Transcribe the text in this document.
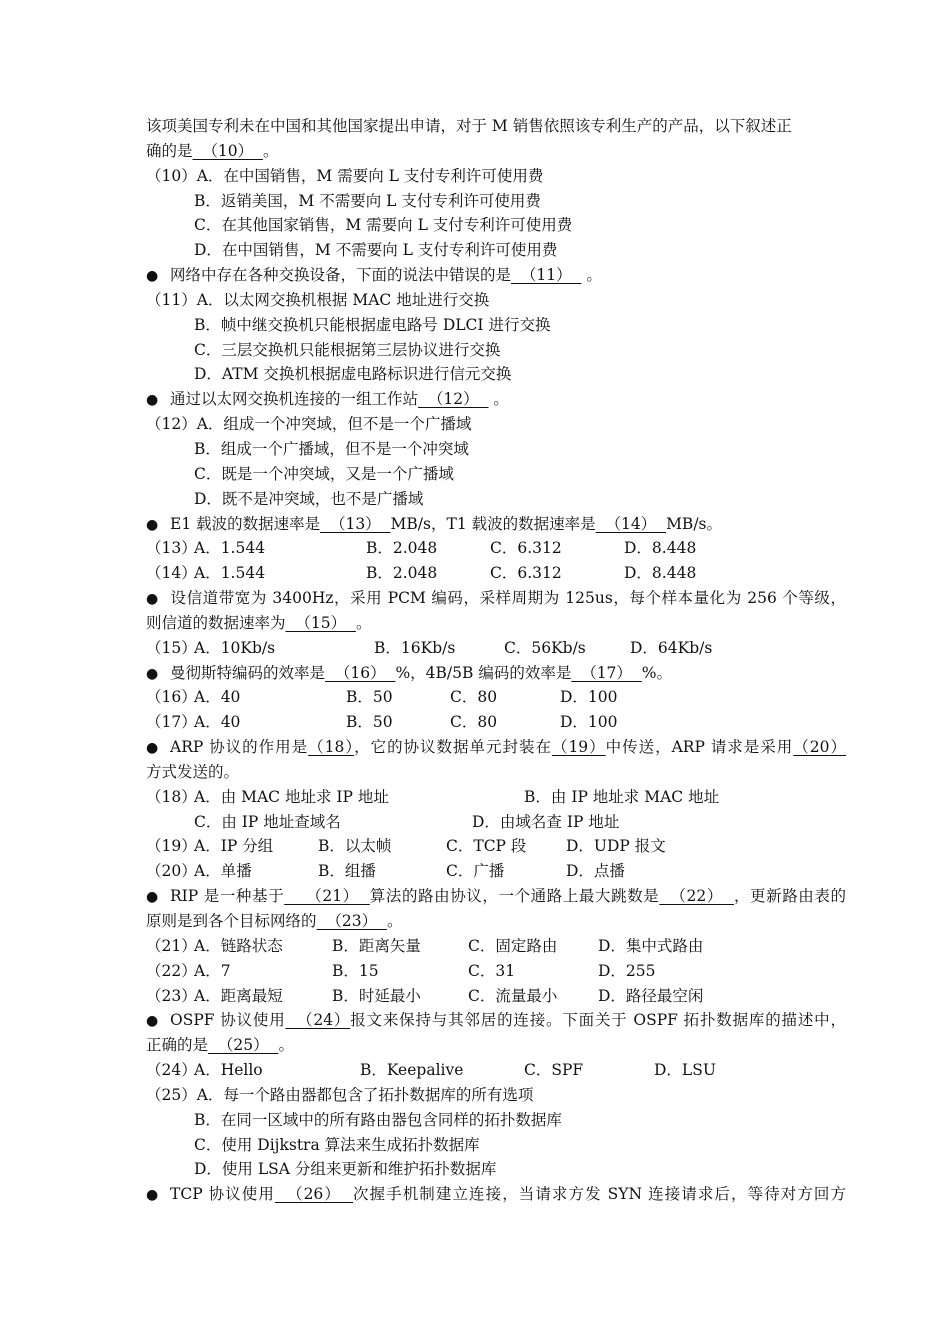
该项美国专利未在中国和其他国家提出申请，对于 M 销售依照该专利生产的产品，以下叙述正
确的是  （10）  。
（10）A．在中国销售，M 需要向 L 支付专利许可使用费
B．返销美国，M 不需要向 L 支付专利许可使用费
C．在其他国家销售，M 需要向 L 支付专利许可使用费
D．在中国销售，M 不需要向 L 支付专利许可使用费
● 网络中存在各种交换设备，下面的说法中错误的是  （11）   。
（11）A．以太网交换机根据 MAC 地址进行交换
B．帧中继交换机只能根据虚电路号 DLCI 进行交换
C．三层交换机只能根据第三层协议进行交换
D．ATM 交换机根据虚电路标识进行信元交换
● 通过以太网交换机连接的一组工作站  （12）   。
（12）A．组成一个冲突域，但不是一个广播域
B．组成一个广播域，但不是一个冲突域
C．既是一个冲突域，又是一个广播域
D．既不是冲突域，也不是广播域
● E1 载波的数据速率是  （13）  MB/s，T1 载波的数据速率是  （14）  MB/s。
（13）
A．1.544	B．2.048	C．6.312	D．8.448
（14）
A．1.544	B．2.048	C．6.312	D．8.448
● 设信道带宽为 3400Hz，采用 PCM 编码，采样周期为 125us，每个样本量化为 256 个等级，
则信道的数据速率为  （15）  。
（15）
A．10Kb/s	B．16Kb/s	C．56Kb/s	D．64Kb/s
● 曼彻斯特编码的效率是  （16）  %，4B/5B 编码的效率是  （17）  %。
（16）
A．40	B．50	C．80	D．100
（17）
A．40	B．50	C．80	D．100
● ARP 协议的作用是（18），它的协议数据单元封装在（19）中传送，ARP 请求是采用（20）
方式发送的。
（18）
A．由 MAC 地址求 IP 地址	B．由 IP 地址求 MAC 地址
C．由 IP 地址查域名	D．由域名查 IP 地址
（19）
A．IP 分组	B．以太帧	C．TCP 段	D．UDP 报文
（20）
A．单播	B．组播	C．广播	D．点播
● RIP 是一种基于    （21）  算法的路由协议，一个通路上最大跳数是  （22）  ，更新路由表的
原则是到各个目标网络的  （23）  。
（21）
A．链路状态	B．距离矢量	C．固定路由	D．集中式路由
（22）
A．7	B．15	C．31	D．255
（23）
A．距离最短	B．时延最小	C．流量最小	D．路径最空闲
● OSPF 协议使用  （24）报文来保持与其邻居的连接。下面关于 OSPF 拓扑数据库的描述中，
正确的是  （25）  。
（24）
A．Hello	B．Keepalive	C．SPF	D．LSU
（25）A．每一个路由器都包含了拓扑数据库的所有选项
B．在同一区域中的所有路由器包含同样的拓扑数据库
C．使用 Dijkstra 算法来生成拓扑数据库
D．使用 LSA 分组来更新和维护拓扑数据库
● TCP 协议使用  （26）  次握手机制建立连接，当请求方发 SYN 连接请求后，等待对方回方
